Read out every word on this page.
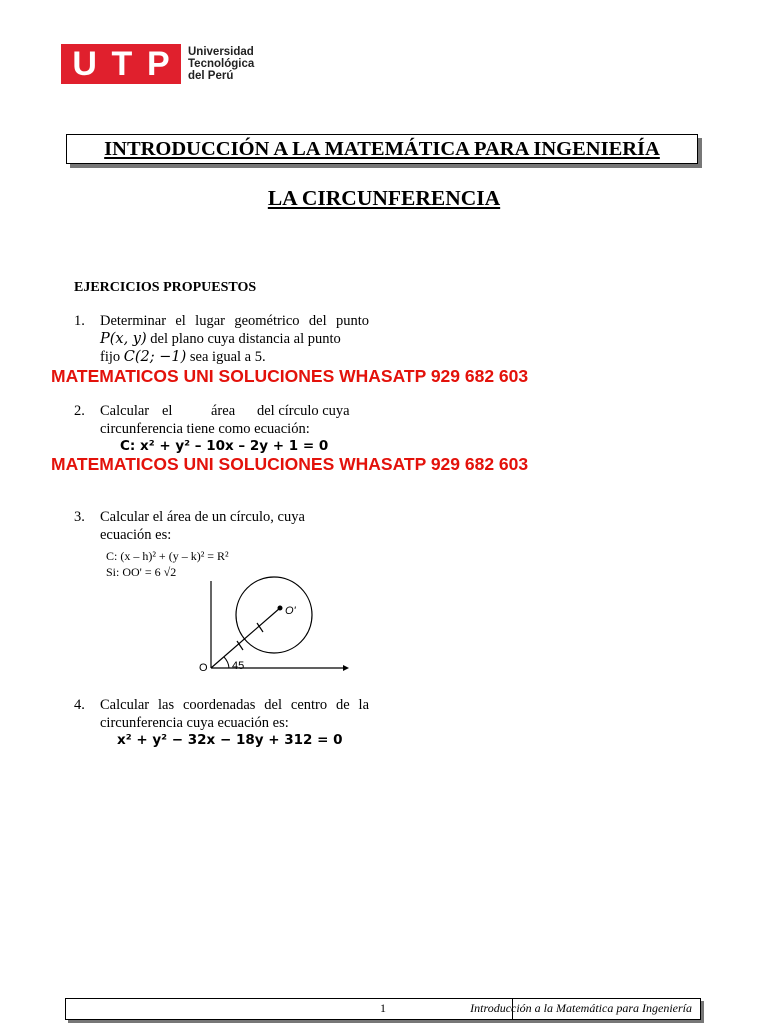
U T P Universidad
Tecnológica
del Perú
INTRODUCCIÓN A LA MATEMÁTICA PARA INGENIERÍA
LA CIRCUNFERENCIA
EJERCICIOS PROPUESTOS
1. Determinar el lugar geométrico del punto
P(x, y) del plano cuya distancia al punto
fijo C(2; −1) sea igual a 5.
MATEMATICOS UNI SOLUCIONES WHASATP 929 682 603
2. Calcular el	área del círculo cuya
circunferencia tiene como ecuación:
C: x² + y² – 10x – 2y + 1 = 0
MATEMATICOS UNI SOLUCIONES WHASATP 929 682 603
3. Calcular el área de un círculo, cuya
ecuación es:
C: (x – h)² + (y – k)² = R²
Si: OO' = 6 √2
O
O'
45
4. Calcular las coordenadas del centro de la
circunferencia cuya ecuación es:
x² + y² − 32x − 18y + 312 = 0
1	Introducción a la Matemática para Ingeniería
